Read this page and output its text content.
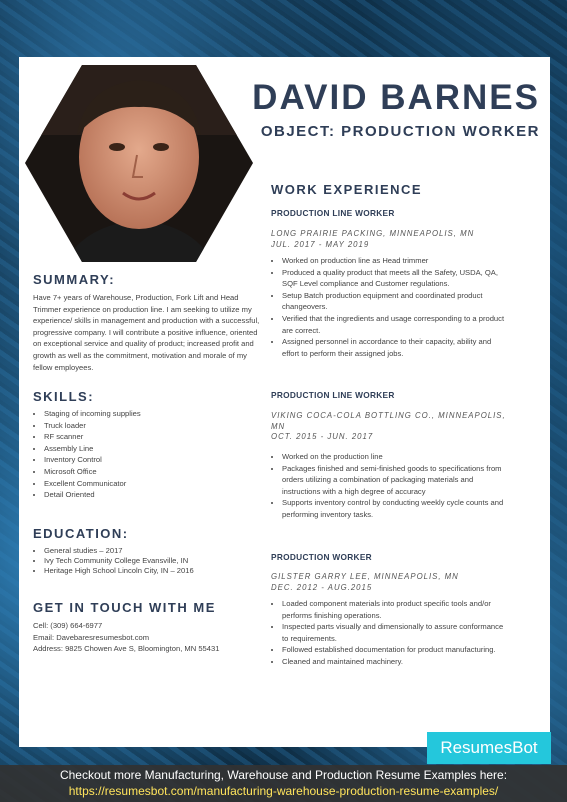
DAVID BARNES
OBJECT: PRODUCTION WORKER
SUMMARY:
Have 7+ years of Warehouse, Production, Fork Lift and Head Trimmer experience on production line. I am seeking to utilize my experience/ skills in management and production with a successful, progressive company. I will contribute a positive influence, oriented on exceptional service and quality of product; increased profit and growth as well as the commitment, motivation and morale of my fellow employees.
SKILLS:
• Staging of incoming supplies
• Truck loader
• RF scanner
• Assembly Line
• Inventory Control
• Microsoft Office
• Excellent Communicator
• Detail Oriented
EDUCATION:
• General studies – 2017
• Ivy Tech Community College Evansville, IN
• Heritage High School Lincoln City, IN – 2016
GET IN TOUCH WITH ME
Cell: (309) 664-6977
Email: Davebaresresumesbot.com
Address: 9825 Chowen Ave S, Bloomington, MN 55431
WORK EXPERIENCE
PRODUCTION LINE WORKER
LONG PRAIRIE PACKING, MINNEAPOLIS, MN
JUL. 2017 - MAY 2019
• Worked on production line as Head trimmer
• Produced a quality product that meets all the Safety, USDA, QA, SQF Level compliance and Customer regulations.
• Setup Batch production equipment and coordinated product changeovers.
• Verified that the ingredients and usage corresponding to a product are correct.
• Assigned personnel in accordance to their capacity, ability and effort to perform their assigned jobs.
PRODUCTION LINE WORKER
VIKING COCA-COLA BOTTLING CO., MINNEAPOLIS, MN
OCT. 2015 - JUN. 2017
• Worked on the production line
• Packages finished and semi-finished goods to specifications from orders utilizing a combination of packaging materials and instructions with a high degree of accuracy
• Supports inventory control by conducting weekly cycle counts and performing inventory tasks.
PRODUCTION WORKER
GILSTER GARRY LEE, MINNEAPOLIS, MN
DEC. 2012 - AUG.2015
• Loaded component materials into product specific tools and/or performs finishing operations.
• Inspected parts visually and dimensionally to assure conformance to requirements.
• Followed established documentation for product manufacturing.
• Cleaned and maintained machinery.
ResumesBot
Checkout more Manufacturing, Warehouse and Production Resume Examples here:
https://resumesbot.com/manufacturing-warehouse-production-resume-examples/
